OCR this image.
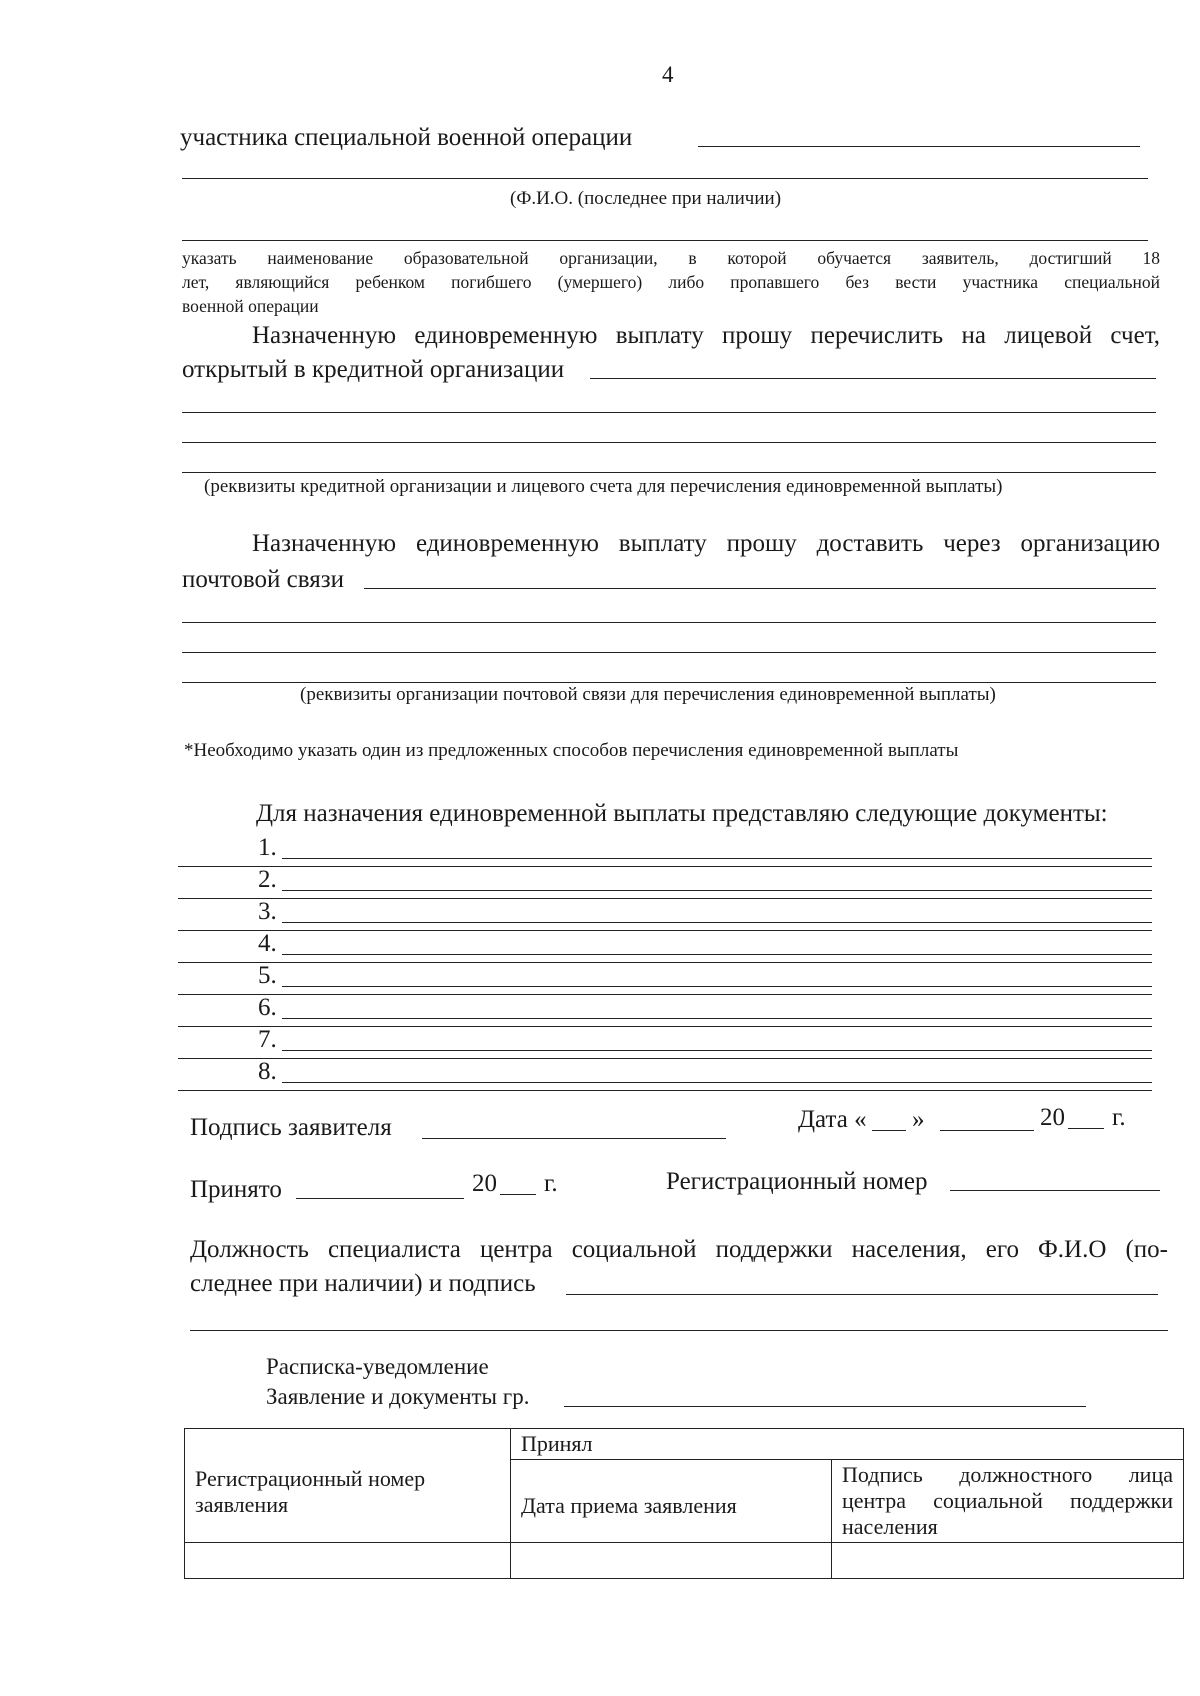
4
участника специальной военной операции
(Ф.И.О. (последнее при наличии)
указать наименование образовательной организации, в которой обучается заявитель, достигший 18
лет, являющийся ребенком погибшего (умершего) либо пропавшего без вести участника специальной
военной операции
Назначенную единовременную выплату прошу перечислить на лицевой счет,
открытый в кредитной организации
(реквизиты кредитной организации и лицевого счета для перечисления единовременной выплаты)
Назначенную единовременную выплату прошу доставить через организацию
почтовой связи
(реквизиты организации почтовой связи для перечисления единовременной выплаты)
*Необходимо указать один из предложенных способов перечисления единовременной выплаты
Для назначения единовременной выплаты представляю следующие документы:
1.
2.
3.
4.
5.
6.
7.
8.
Подпись заявителя	Дата « »	20 г.
Принято	20 г.	Регистрационный номер
Должность специалиста центра социальной поддержки населения, его Ф.И.О (по-
следнее при наличии) и подпись
Расписка-уведомление
Заявление и документы гр.
Регистрационный номер заявления	Принял	
	Дата приема заявления	Подпись должностного лица центра социальной поддержки населения
